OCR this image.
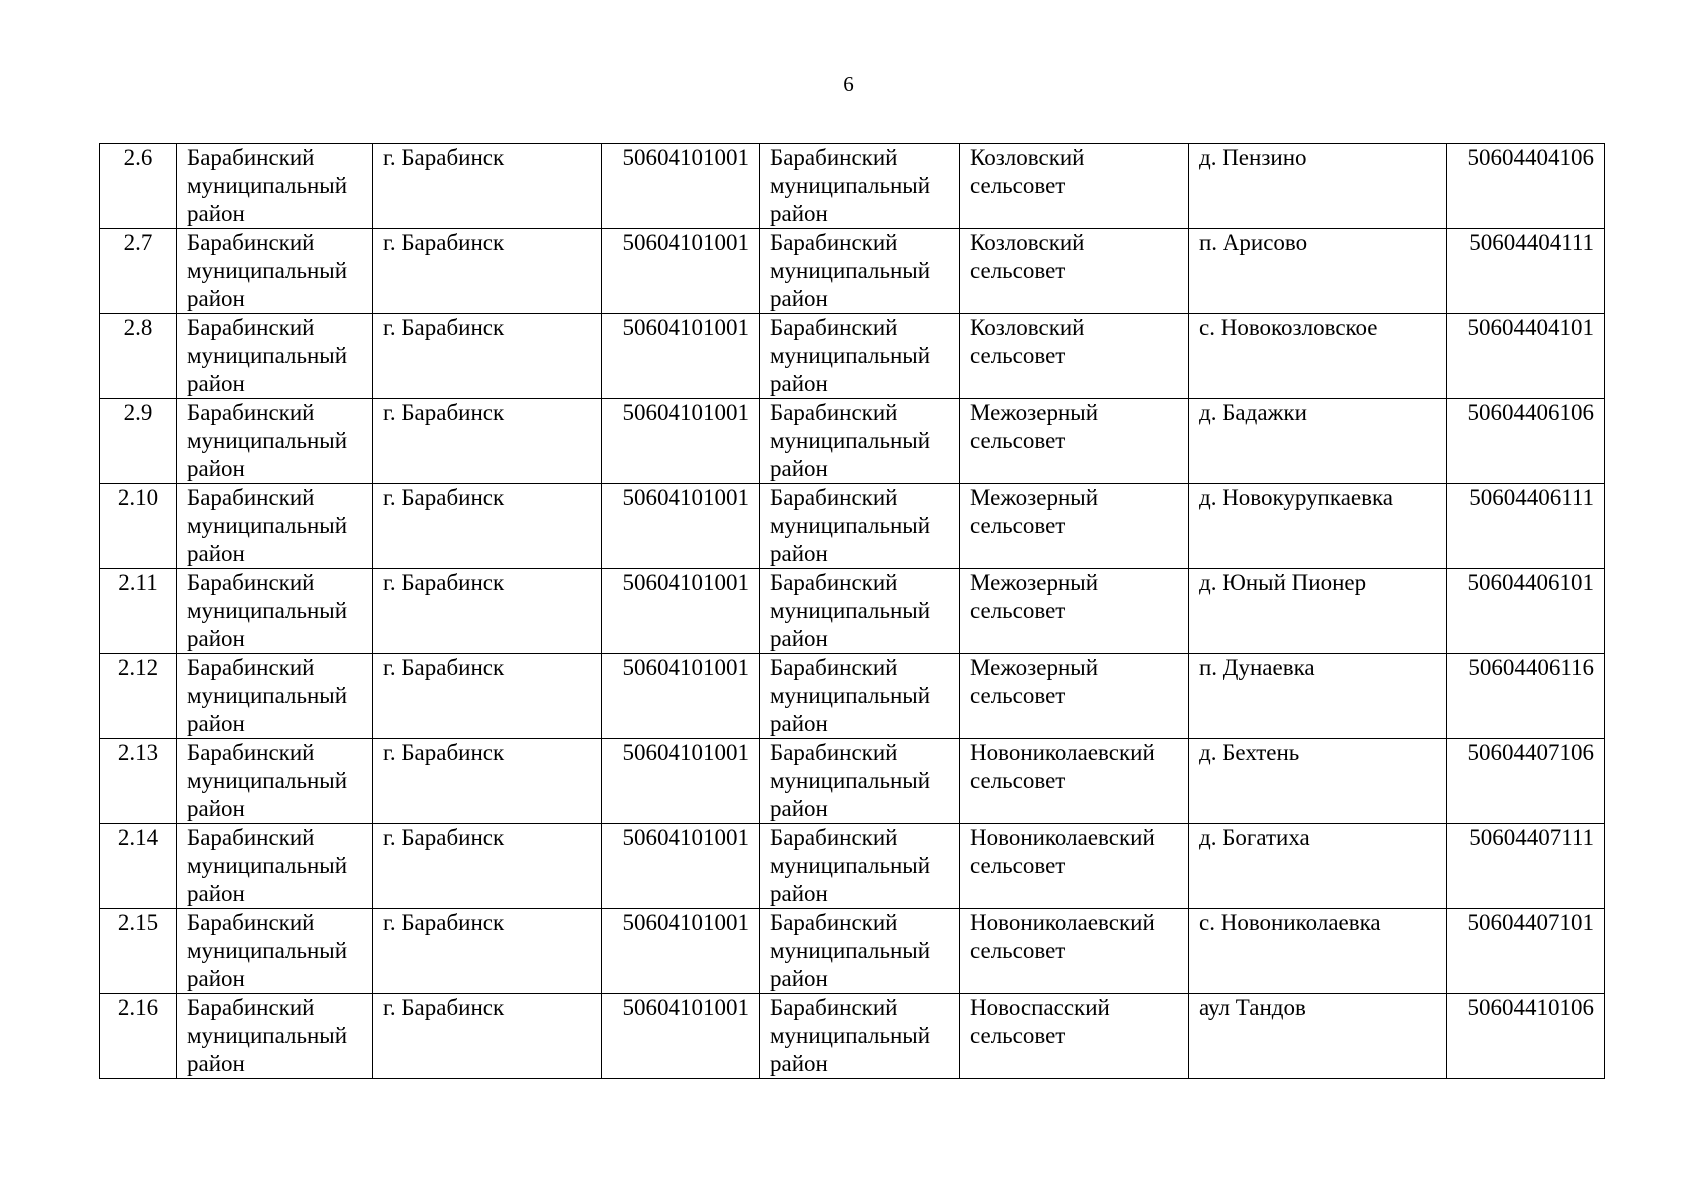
6
2.6	Барабинский муниципальный район	г. Барабинск	50604101001	Барабинский муниципальный район	Козловский сельсовет	д. Пензино	50604404106
2.7	Барабинский муниципальный район	г. Барабинск	50604101001	Барабинский муниципальный район	Козловский сельсовет	п. Арисово	50604404111
2.8	Барабинский муниципальный район	г. Барабинск	50604101001	Барабинский муниципальный район	Козловский сельсовет	с. Новокозловское	50604404101
2.9	Барабинский муниципальный район	г. Барабинск	50604101001	Барабинский муниципальный район	Межозерный сельсовет	д. Бадажки	50604406106
2.10	Барабинский муниципальный район	г. Барабинск	50604101001	Барабинский муниципальный район	Межозерный сельсовет	д. Новокурупкаевка	50604406111
2.11	Барабинский муниципальный район	г. Барабинск	50604101001	Барабинский муниципальный район	Межозерный сельсовет	д. Юный Пионер	50604406101
2.12	Барабинский муниципальный район	г. Барабинск	50604101001	Барабинский муниципальный район	Межозерный сельсовет	п. Дунаевка	50604406116
2.13	Барабинский муниципальный район	г. Барабинск	50604101001	Барабинский муниципальный район	Новониколаевский сельсовет	д. Бехтень	50604407106
2.14	Барабинский муниципальный район	г. Барабинск	50604101001	Барабинский муниципальный район	Новониколаевский сельсовет	д. Богатиха	50604407111
2.15	Барабинский муниципальный район	г. Барабинск	50604101001	Барабинский муниципальный район	Новониколаевский сельсовет	с. Новониколаевка	50604407101
2.16	Барабинский муниципальный район	г. Барабинск	50604101001	Барабинский муниципальный район	Новоспасский сельсовет	аул Тандов	50604410106
